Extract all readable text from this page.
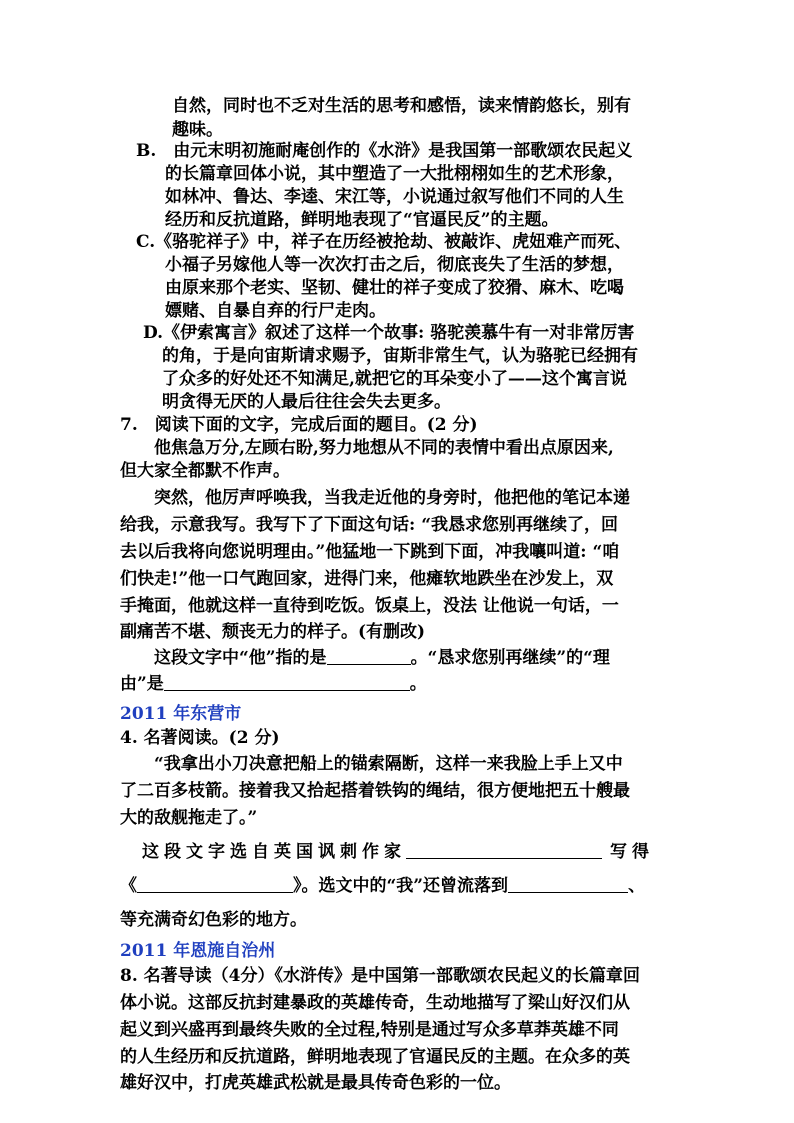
自然，同时也不乏对生活的思考和感悟，读来情韵悠长，别有
趣味。
B.　由元末明初施耐庵创作的《水浒》是我国第一部歌颂农民起义
的长篇章回体小说，其中塑造了一大批栩栩如生的艺术形象，
如林冲、鲁达、李逵、宋江等，小说通过叙写他们不同的人生
经历和反抗道路，鲜明地表现了“官逼民反”的主题。
C.《骆驼祥子》中，祥子在历经被抢劫、被敲诈、虎妞难产而死、
小福子另嫁他人等一次次打击之后，彻底丧失了生活的梦想，
由原来那个老实、坚韧、健壮的祥子变成了狡猾、麻木、吃喝
嫖赌、自暴自弃的行尸走肉。
D.《伊索寓言》叙述了这样一个故事: 骆驼羡慕牛有一对非常厉害
的角，于是向宙斯请求赐予，宙斯非常生气，认为骆驼已经拥有
了众多的好处还不知满足,就把它的耳朵变小了——这个寓言说
明贪得无厌的人最后往往会失去更多。
7.　阅读下面的文字，完成后面的题目。(2 分)
　　他焦急万分,左顾右盼,努力地想从不同的表情中看出点原因来,
但大家全都默不作声。
　　突然，他厉声呼唤我，当我走近他的身旁时，他把他的笔记本递
给我，示意我写。我写下了下面这句话: “我恳求您别再继续了，回
去以后我将向您说明理由。”他猛地一下跳到下面，冲我嚷叫道: “咱
们快走!”他一口气跑回家，进得门来，他瘫软地跌坐在沙发上，双
手掩面，他就这样一直待到吃饭。饭桌上，没法 让他说一句话，一
副痛苦不堪、颓丧无力的样子。(有删改)
　　这段文字中“他”指的是	。“恳求您别再继续”的“理
由”是	。
2011 年东营市
4. 名著阅读。(2 分)
　　“我拿出小刀决意把船上的锚索隔断，这样一来我脸上手上又中
了二百多枝箭。接着我又拾起搭着铁钩的绳结，很方便地把五十艘最
大的敌舰拖走了。”
　这段文字选自英国讽刺作家	写得
《	》。选文中的“我”还曾流落到	、
等充满奇幻色彩的地方。
2011 年恩施自治州
8. 名著导读（4分）《水浒传》是中国第一部歌颂农民起义的长篇章回
体小说。这部反抗封建暴政的英雄传奇，生动地描写了梁山好汉们从
起义到兴盛再到最终失败的全过程,特别是通过写众多草莽英雄不同
的人生经历和反抗道路，鲜明地表现了官逼民反的主题。在众多的英
雄好汉中，打虎英雄武松就是最具传奇色彩的一位。
